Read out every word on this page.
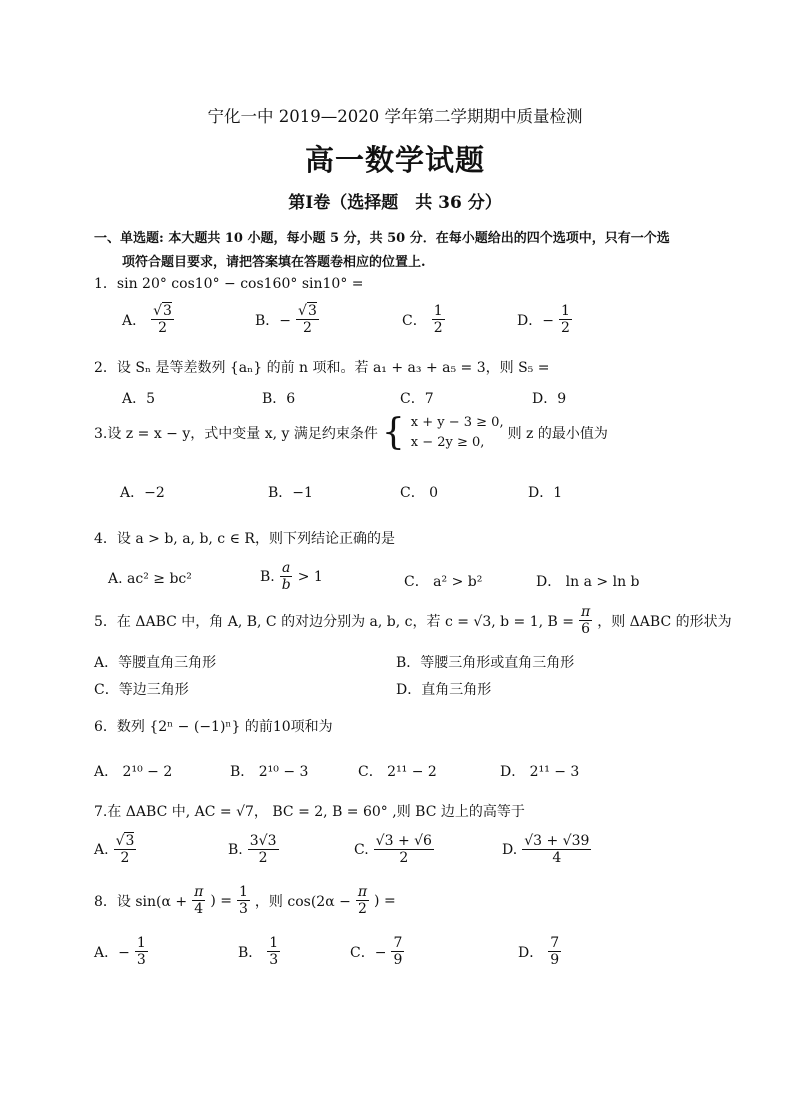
宁化一中 2019—2020 学年第二学期期中质量检测
高一数学试题
第Ⅰ卷（选择题　共 36 分）
一、单选题: 本大题共 10 小题，每小题 5 分，共 50 分．在每小题给出的四个选项中，只有一个选
项符合题目要求，请把答案填在答题卷相应的位置上.
1．sin 20° cos10° − cos160° sin10° =
A． √ $\frac{3}{2}$	B．− √ $\frac{3}{2}$	C． $\frac{1}{2}$	D．− $\frac{1}{2}$
2．设 Sₙ 是等差数列 {aₙ} 的前 n 项和。若 a₁ + a₃ + a₅ = 3，则 S₅ =
A．5	B．6	C．7	D．9
3.设 z = x − y，式中变量 x, y 满足约束条件 { x + y − 3 ≥ 0,
x − 2y ≥ 0,
则 z 的最小值为
A．−2	B．−1	C． 0	D．1
4．设 a > b, a, b, c ∈ R，则下列结论正确的是
A. ac² ≥ bc²	B. $\frac{a}{b} > 1$	C． a² > b²	D． ln a > ln b
5．在 ΔABC 中，角 A, B, C 的对边分别为 a, b, c，若 c = √3, b = 1, $B = \frac{\pi}{6}$ ，则 ΔABC 的形状为
A．等腰直角三角形	B．等腰三角形或直角三角形
C．等边三角形	D．直角三角形
6．数列 {2ⁿ − (−1)ⁿ} 的前10项和为
A． 2¹⁰ − 2	B． 2¹⁰ − 3	C． 2¹¹ − 2	D． 2¹¹ − 3
7.在 ΔABC 中, AC = √7， BC = 2, B = 60° ,则 BC 边上的高等于
A. √ $\frac{3}{2}$	B. $\frac{3√3}{2}$	C. $\frac{√3 + √6}{2}$	D. $\frac{√3 + √39}{4}$
8．设 $\sin(\alpha + \frac{\pi}{4}$ ) = $\frac{1}{3}$ ，则 $\cos(2\alpha - \frac{\pi}{2}$ ) =
A．− $\frac{1}{3}$	B． $\frac{1}{3}$	C．− $\frac{7}{9}$	D． $\frac{7}{9}$
